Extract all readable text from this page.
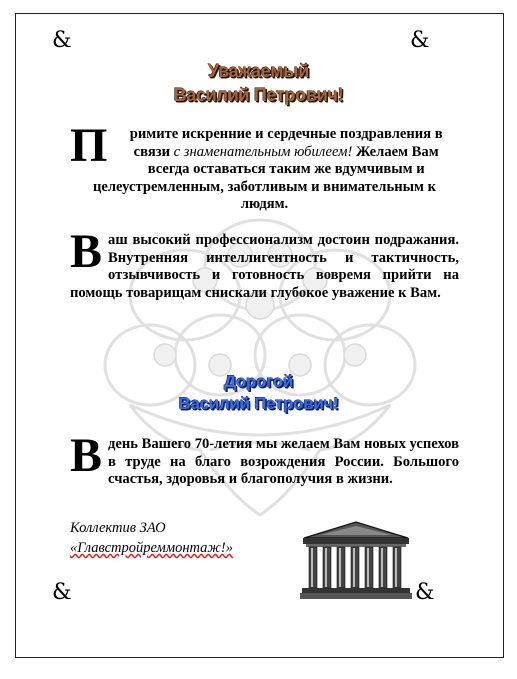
&	&
&	&
Уважаемый
Василий Петрович!
П римите искренние и сердечные поздравления в связи с знаменательным юбилеем! Желаем Вам всегда оставаться таким же вдумчивым и целеустремленным, заботливым и внимательным к людям.
В аш высокий профессионализм достоин подражания. Внутренняя интеллигентность и тактичность, отзывчивость и готовность вовремя прийти на помощь товарищам снискали глубокое уважение к Вам.
Дорогой
Василий Петрович!
В день Вашего 70-летия мы желаем Вам новых успехов в труде на благо возрождения России. Большого счастья, здоровья и благополучия в жизни.
Коллектив ЗАО
«Главстройреммонтаж!»
